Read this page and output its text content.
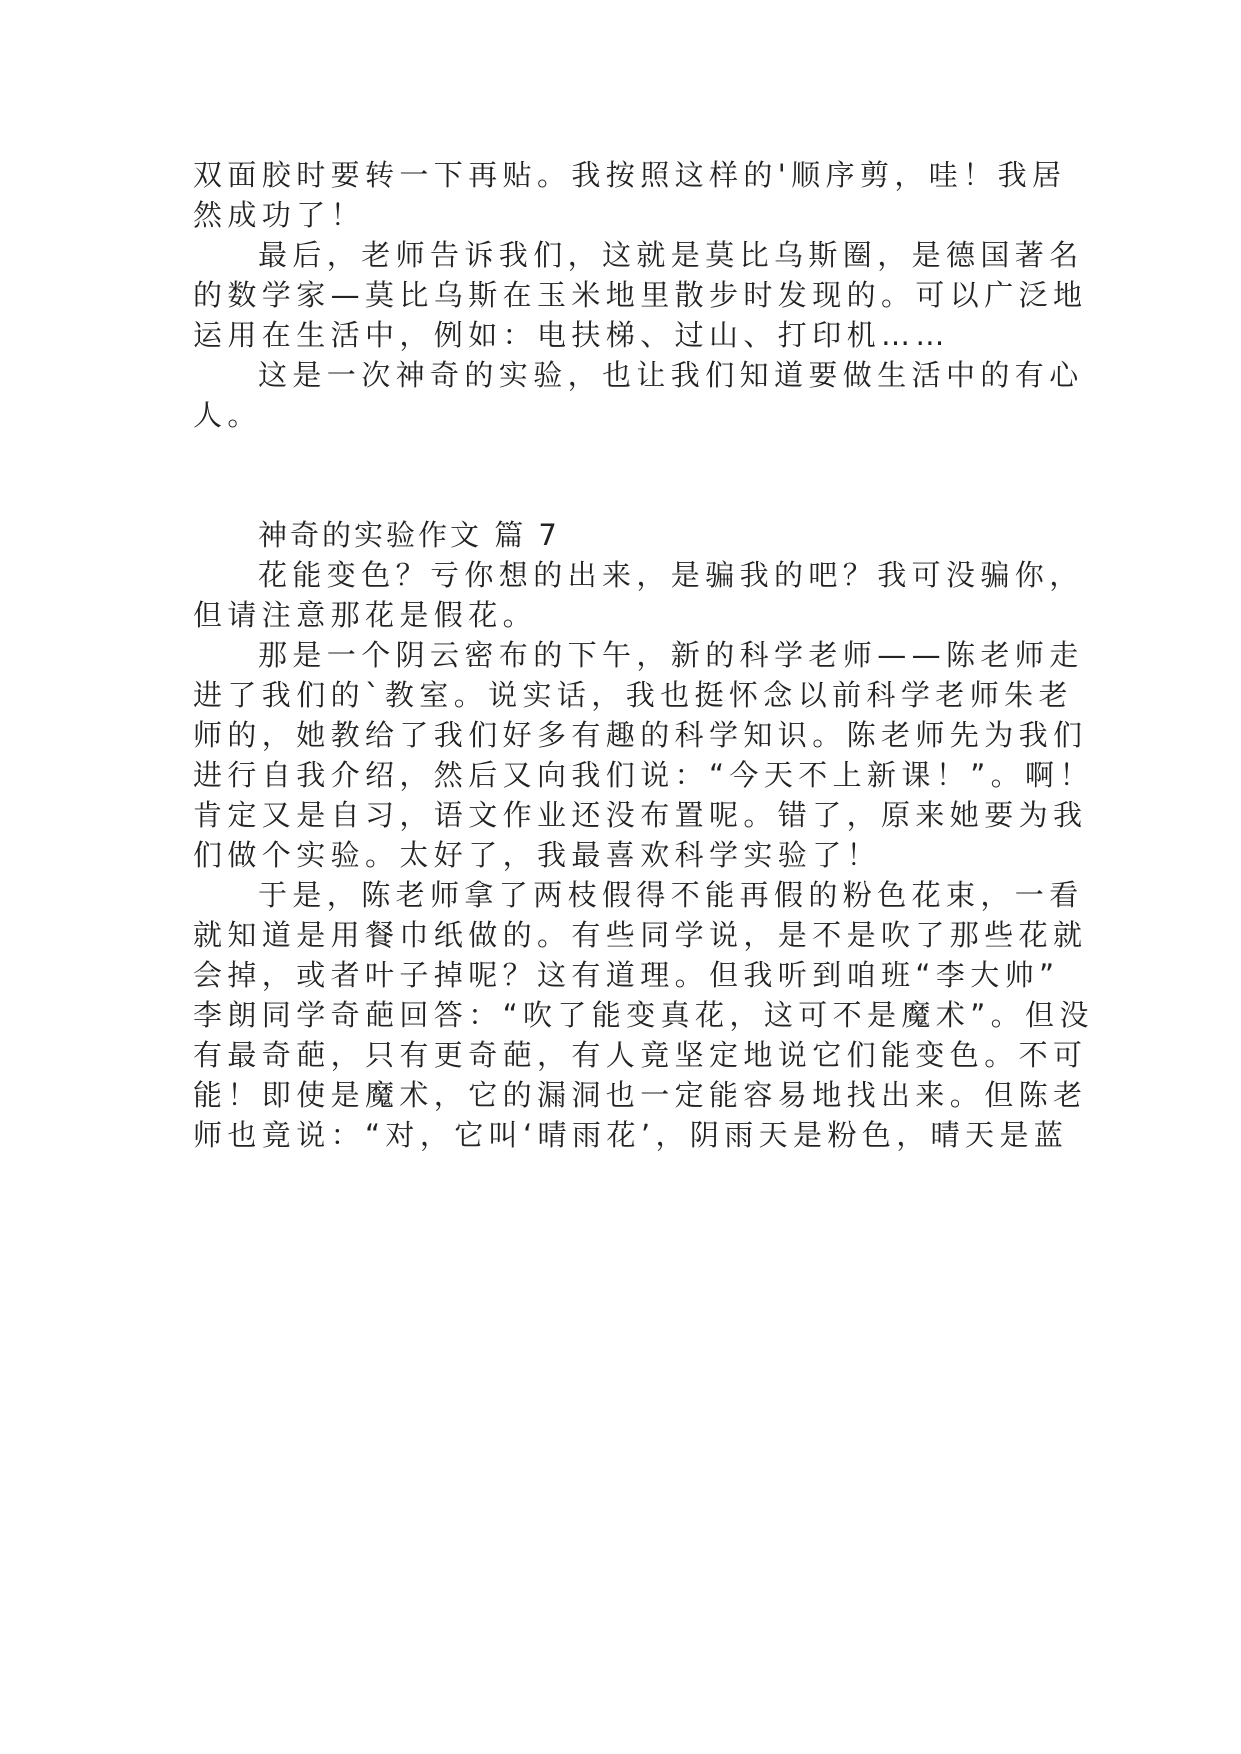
双面胶时要转一下再贴。我按照这样的'顺序剪，哇！我居
然成功了！
最后，老师告诉我们，这就是莫比乌斯圈，是德国著名
的数学家—莫比乌斯在玉米地里散步时发现的。可以广泛地
运用在生活中，例如：电扶梯、过山、打印机……
这是一次神奇的实验，也让我们知道要做生活中的有心
人。
神奇的实验作文 篇 7
花能变色？亏你想的出来，是骗我的吧？我可没骗你，
但请注意那花是假花。
那是一个阴云密布的下午，新的科学老师——陈老师走
进了我们的`教室。说实话，我也挺怀念以前科学老师朱老
师的，她教给了我们好多有趣的科学知识。陈老师先为我们
进行自我介绍，然后又向我们说：“今天不上新课！”。啊！
肯定又是自习，语文作业还没布置呢。错了，原来她要为我
们做个实验。太好了，我最喜欢科学实验了！
于是，陈老师拿了两枝假得不能再假的粉色花束，一看
就知道是用餐巾纸做的。有些同学说，是不是吹了那些花就
会掉，或者叶子掉呢？这有道理。但我听到咱班“李大帅”
李朗同学奇葩回答：“吹了能变真花，这可不是魔术”。但没
有最奇葩，只有更奇葩，有人竟坚定地说它们能变色。不可
能！即使是魔术，它的漏洞也一定能容易地找出来。但陈老
师也竟说：“对，它叫‘晴雨花’，阴雨天是粉色，晴天是蓝
